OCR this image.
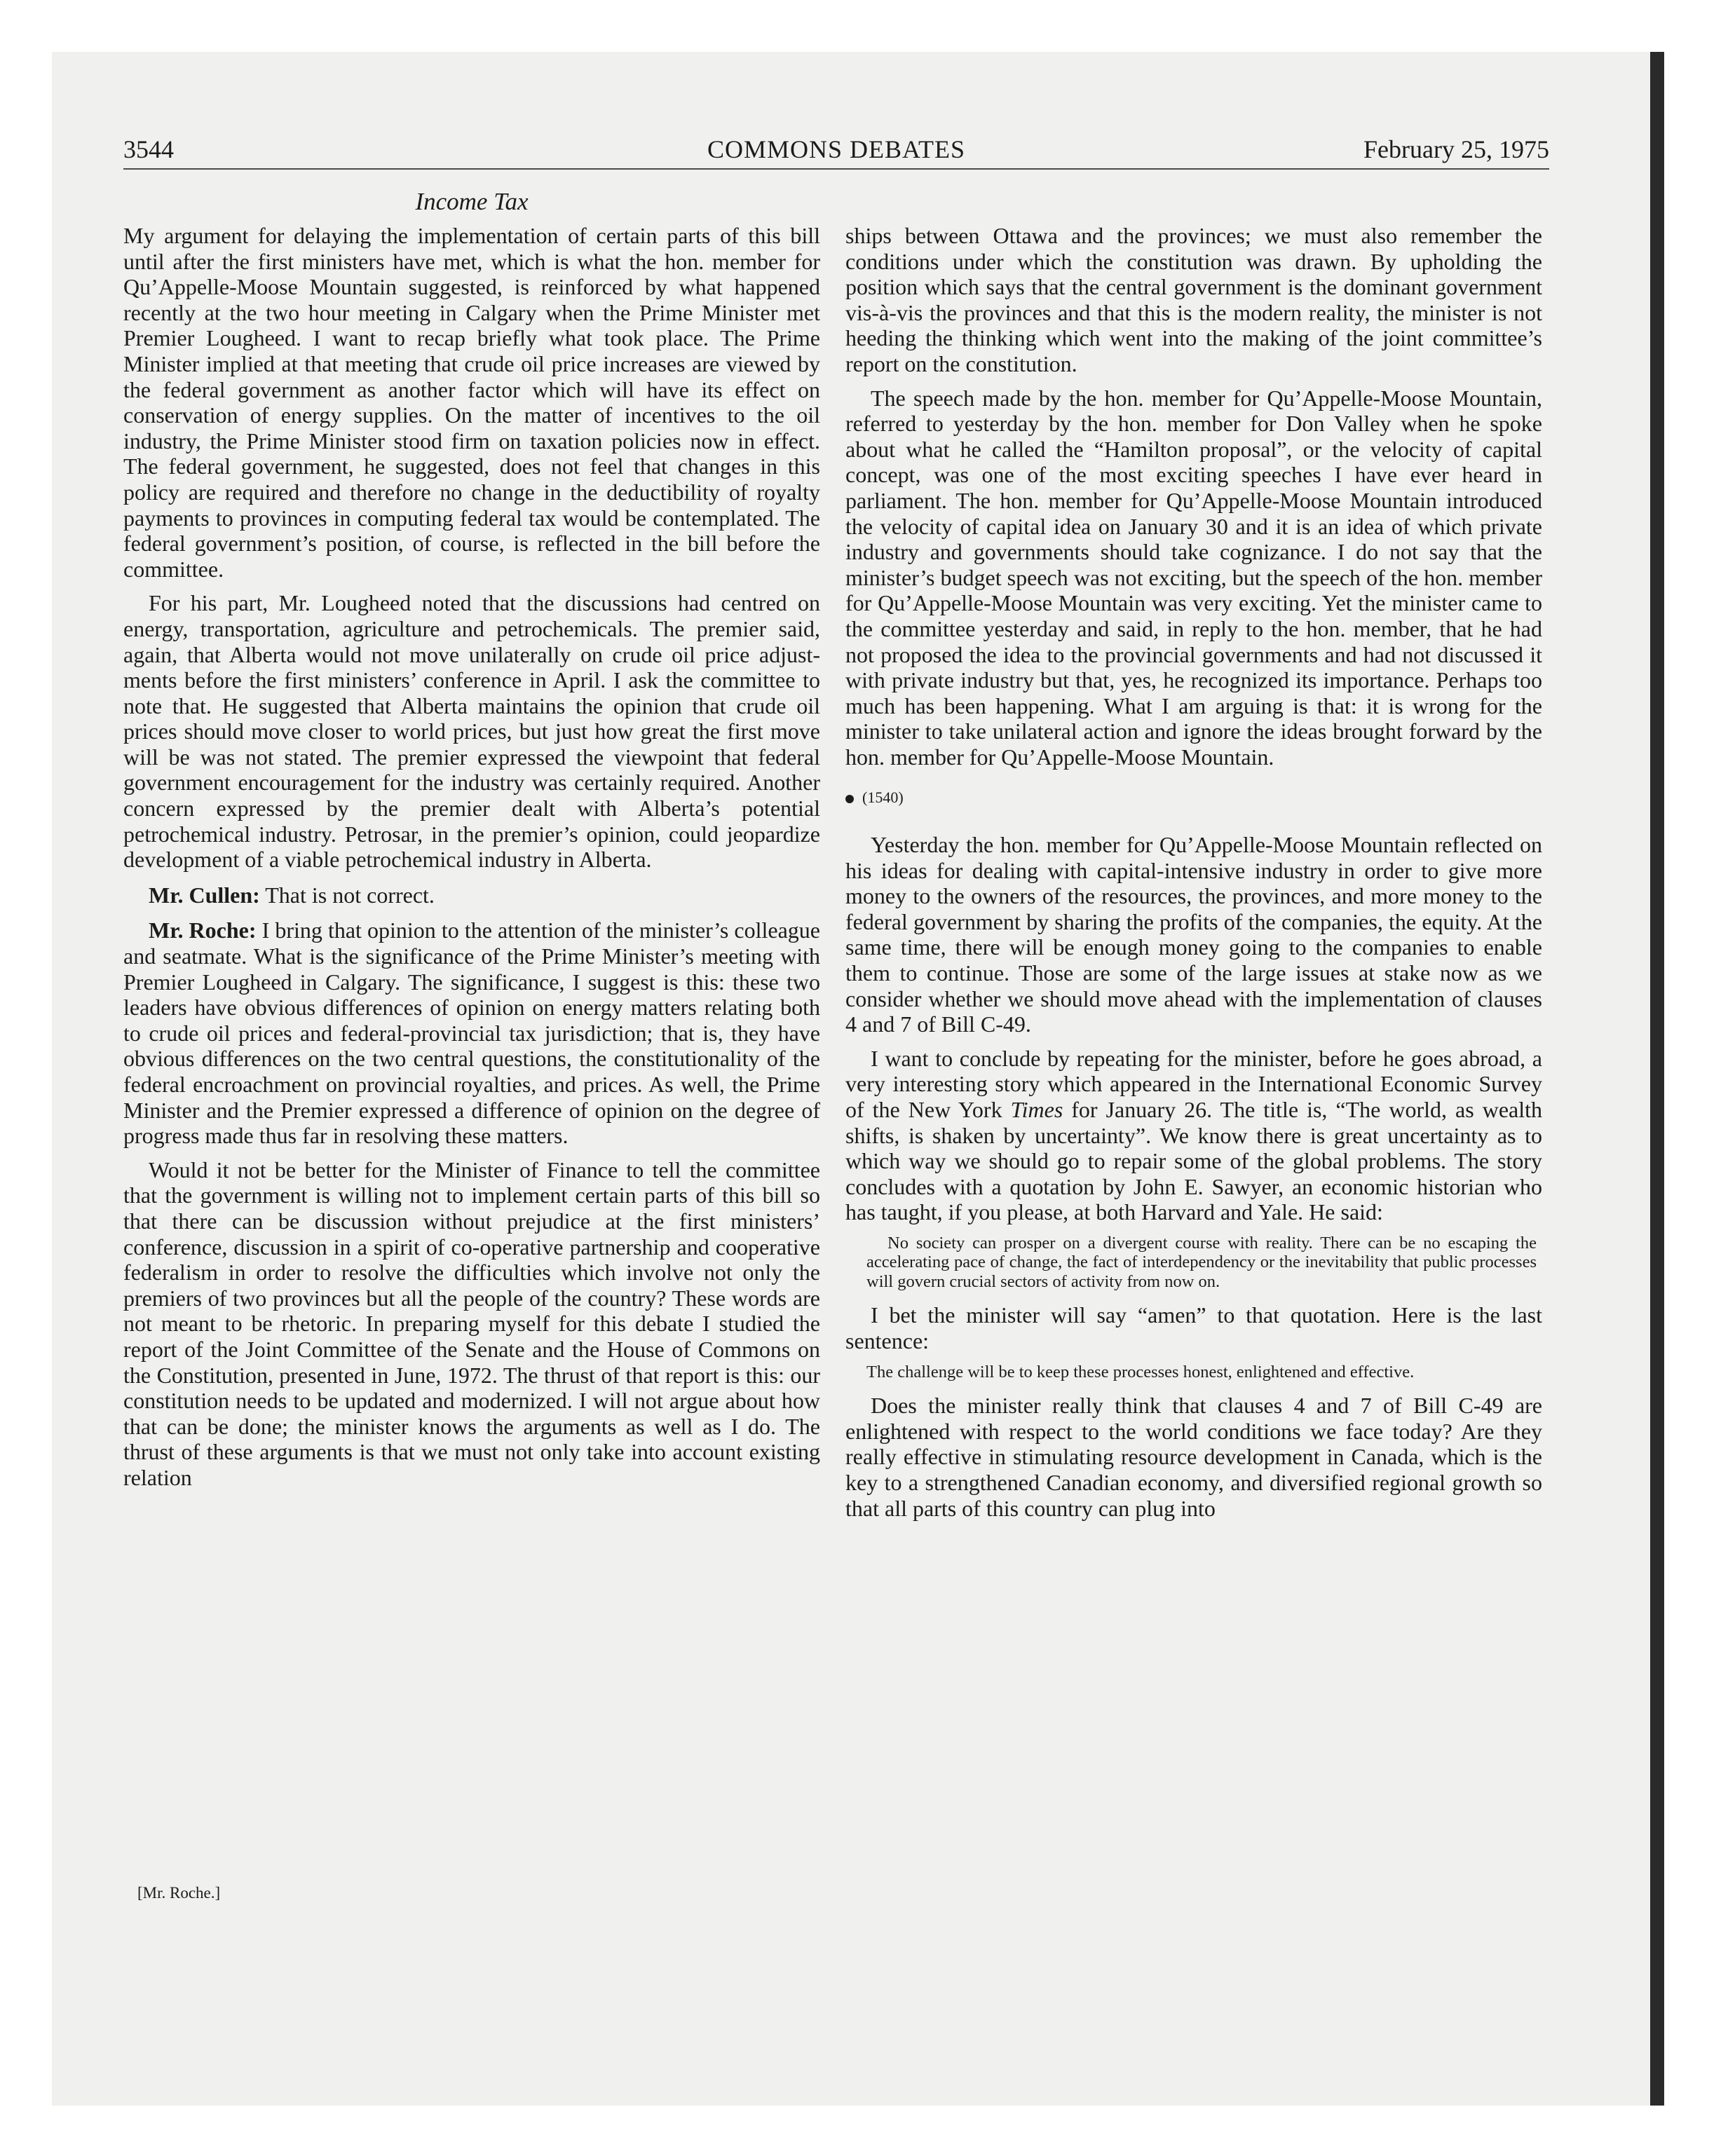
3544	COMMONS DEBATES	February 25, 1975
Income Tax

My argument for delaying the implementation of certain parts of this bill until after the first ministers have met, which is what the hon. member for Qu’Appelle-Moose Mountain suggested, is reinforced by what happened recently at the two hour meeting in Calgary when the Prime Minister met Premier Lougheed. I want to recap briefly what took place. The Prime Minister implied at that meeting that crude oil price increases are viewed by the federal government as another factor which will have its effect on conservation of energy supplies. On the matter of incentives to the oil industry, the Prime Minister stood firm on taxation policies now in effect. The federal government, he suggested, does not feel that changes in this policy are required and therefore no change in the deductibility of royalty payments to provinces in computing federal tax would be contemplated. The federal government’s position, of course, is reflected in the bill before the committee.

For his part, Mr. Lougheed noted that the discussions had centred on energy, transportation, agriculture and petrochemicals. The premier said, again, that Alberta would not move unilaterally on crude oil price adjustments before the first ministers’ conference in April. I ask the committee to note that. He suggested that Alberta maintains the opinion that crude oil prices should move closer to world prices, but just how great the first move will be was not stated. The premier expressed the viewpoint that federal government encouragement for the industry was certainly required. Another concern expressed by the premier dealt with Alberta’s potential petrochemical industry. Petrosar, in the premier’s opinion, could jeopardize development of a viable petrochemical industry in Alberta.

Mr. Cullen: That is not correct.

Mr. Roche: I bring that opinion to the attention of the minister’s colleague and seatmate. What is the significance of the Prime Minister’s meeting with Premier Lougheed in Calgary. The significance, I suggest is this: these two leaders have obvious differences of opinion on energy matters relating both to crude oil prices and federal-provincial tax jurisdiction; that is, they have obvious differences on the two central questions, the constitutionality of the federal encroachment on provincial royalties, and prices. As well, the Prime Minister and the Premier expressed a difference of opinion on the degree of progress made thus far in resolving these matters.

Would it not be better for the Minister of Finance to tell the committee that the government is willing not to implement certain parts of this bill so that there can be discussion without prejudice at the first ministers’ conference, discussion in a spirit of co-operative partnership and cooperative federalism in order to resolve the difficulties which involve not only the premiers of two provinces but all the people of the country? These words are not meant to be rhetoric. In preparing myself for this debate I studied the report of the Joint Committee of the Senate and the House of Commons on the Constitution, presented in June, 1972. The thrust of that report is this: our constitution needs to be updated and modernized. I will not argue about how that can be done; the minister knows the arguments as well as I do. The thrust of these arguments is that we must not only take into account existing relation

ships between Ottawa and the provinces; we must also remember the conditions under which the constitution was drawn. By upholding the position which says that the central government is the dominant government vis-à-vis the provinces and that this is the modern reality, the minister is not heeding the thinking which went into the making of the joint committee’s report on the constitution.

The speech made by the hon. member for Qu’Appelle-Moose Mountain, referred to yesterday by the hon. member for Don Valley when he spoke about what he called the “Hamilton proposal”, or the velocity of capital concept, was one of the most exciting speeches I have ever heard in parliament. The hon. member for Qu’Appelle-Moose Mountain introduced the velocity of capital idea on January 30 and it is an idea of which private industry and governments should take cognizance. I do not say that the minister’s budget speech was not exciting, but the speech of the hon. member for Qu’Appelle-Moose Mountain was very exciting. Yet the minister came to the committee yesterday and said, in reply to the hon. member, that he had not proposed the idea to the provincial governments and had not discussed it with private industry but that, yes, he recognized its importance. Perhaps too much has been happening. What I am arguing is that: it is wrong for the minister to take unilateral action and ignore the ideas brought forward by the hon. member for Qu’Appelle-Moose Mountain.

(1540)

Yesterday the hon. member for Qu’Appelle-Moose Mountain reflected on his ideas for dealing with capital-intensive industry in order to give more money to the owners of the resources, the provinces, and more money to the federal government by sharing the profits of the companies, the equity. At the same time, there will be enough money going to the companies to enable them to continue. Those are some of the large issues at stake now as we consider whether we should move ahead with the implementation of clauses 4 and 7 of Bill C-49.

I want to conclude by repeating for the minister, before he goes abroad, a very interesting story which appeared in the International Economic Survey of the New York Times for January 26. The title is, “The world, as wealth shifts, is shaken by uncertainty”. We know there is great uncertainty as to which way we should go to repair some of the global problems. The story concludes with a quotation by John E. Sawyer, an economic historian who has taught, if you please, at both Harvard and Yale. He said:

No society can prosper on a divergent course with reality. There can be no escaping the accelerating pace of change, the fact of interdependency or the inevitability that public processes will govern crucial sectors of activity from now on.

I bet the minister will say “amen” to that quotation. Here is the last sentence:

The challenge will be to keep these processes honest, enlightened and effective.

Does the minister really think that clauses 4 and 7 of Bill C-49 are enlightened with respect to the world conditions we face today? Are they really effective in stimulating resource development in Canada, which is the key to a strengthened Canadian economy, and diversified regional growth so that all parts of this country can plug into

[Mr. Roche.]
